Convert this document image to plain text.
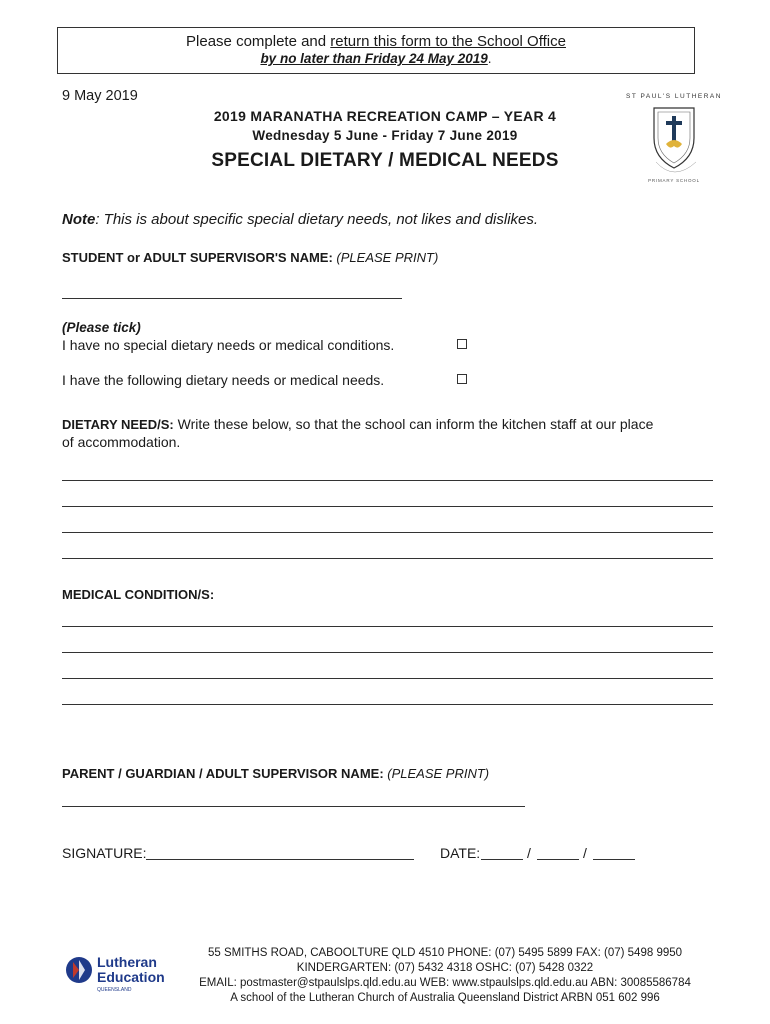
Please complete and return this form to the School Office
by no later than Friday 24 May 2019.
9 May 2019
2019 MARANATHA RECREATION CAMP – YEAR 4
Wednesday 5 June - Friday 7 June 2019
SPECIAL DIETARY / MEDICAL NEEDS
ST PAUL'S LUTHERAN
PRIMARY SCHOOL
Note: This is about specific special dietary needs, not likes and dislikes.
STUDENT or ADULT SUPERVISOR'S NAME: (PLEASE PRINT)
(Please tick)
I have no special dietary needs or medical conditions.
I have the following dietary needs or medical needs.
DIETARY NEED/S: Write these below, so that the school can inform the kitchen staff at our place
of accommodation.
MEDICAL CONDITION/S:
PARENT / GUARDIAN / ADULT SUPERVISOR NAME: (PLEASE PRINT)
SIGNATURE:	DATE:	/	/
Lutheran
Education
QUEENSLAND
55 SMITHS ROAD, CABOOLTURE QLD 4510 PHONE: (07) 5495 5899 FAX: (07) 5498 9950
KINDERGARTEN: (07) 5432 4318 OSHC: (07) 5428 0322
EMAIL: postmaster@stpaulslps.qld.edu.au WEB: www.stpaulslps.qld.edu.au ABN: 30085586784
A school of the Lutheran Church of Australia Queensland District ARBN 051 602 996
